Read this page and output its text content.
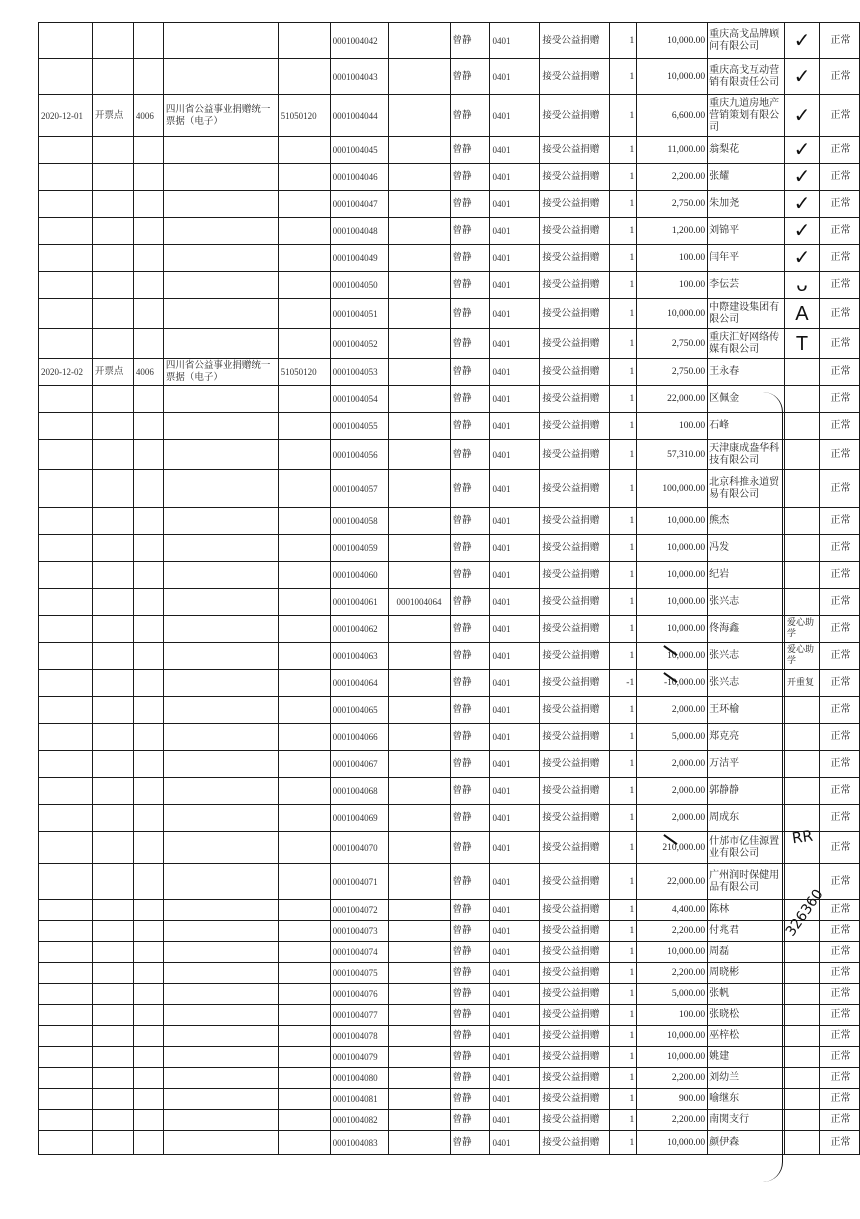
					0001004042		曾静	0401	接受公益捐赠	1	10,000.00	重庆高戈品牌顾问有限公司	✓	正常
					0001004043		曾静	0401	接受公益捐赠	1	10,000.00	重庆高戈互动营销有限责任公司	✓	正常
2020-12-01	开票点	4006	四川省公益事业捐赠统一票据（电子）	51050120	0001004044		曾静	0401	接受公益捐赠	1	6,600.00	重庆九道房地产营销策划有限公司	✓	正常
					0001004045		曾静	0401	接受公益捐赠	1	11,000.00	翁梨花	✓	正常
					0001004046		曾静	0401	接受公益捐赠	1	2,200.00	张耀	✓	正常
					0001004047		曾静	0401	接受公益捐赠	1	2,750.00	朱加尧	✓	正常
					0001004048		曾静	0401	接受公益捐赠	1	1,200.00	刘锦平	✓	正常
					0001004049		曾静	0401	接受公益捐赠	1	100.00	闫年平	✓	正常
					0001004050		曾静	0401	接受公益捐赠	1	100.00	李伝芸	ᴗ	正常
					0001004051		曾静	0401	接受公益捐赠	1	10,000.00	中際建设集团有限公司	A	正常
					0001004052		曾静	0401	接受公益捐赠	1	2,750.00	重庆汇好网络传媒有限公司	T	正常
2020-12-02	开票点	4006	四川省公益事业捐赠统一票据（电子）	51050120	0001004053		曾静	0401	接受公益捐赠	1	2,750.00	王永春		正常
					0001004054		曾静	0401	接受公益捐赠	1	22,000.00	区佩金		正常
					0001004055		曾静	0401	接受公益捐赠	1	100.00	石峰		正常
					0001004056		曾静	0401	接受公益捐赠	1	57,310.00	天津康成盎华科技有限公司		正常
					0001004057		曾静	0401	接受公益捐赠	1	100,000.00	北京科推永道贸易有限公司		正常
					0001004058		曾静	0401	接受公益捐赠	1	10,000.00	熊杰		正常
					0001004059		曾静	0401	接受公益捐赠	1	10,000.00	冯发		正常
					0001004060		曾静	0401	接受公益捐赠	1	10,000.00	纪岩		正常
					0001004061	0001004064	曾静	0401	接受公益捐赠	1	10,000.00	张兴志		正常
					0001004062		曾静	0401	接受公益捐赠	1	10,000.00	佟海鑫	爱心助学	正常
					0001004063		曾静	0401	接受公益捐赠	1	10,000.00	张兴志	爱心助学	正常
					0001004064		曾静	0401	接受公益捐赠	-1	-10,000.00	张兴志	开重复	正常
					0001004065		曾静	0401	接受公益捐赠	1	2,000.00	王环榆		正常
					0001004066		曾静	0401	接受公益捐赠	1	5,000.00	郑克亮		正常
					0001004067		曾静	0401	接受公益捐赠	1	2,000.00	万洁平		正常
					0001004068		曾静	0401	接受公益捐赠	1	2,000.00	郭静静		正常
					0001004069		曾静	0401	接受公益捐赠	1	2,000.00	周成东		正常
					0001004070		曾静	0401	接受公益捐赠	1	210,000.00	什邡市亿佳源置业有限公司		正常
					0001004071		曾静	0401	接受公益捐赠	1	22,000.00	广州润时保健用品有限公司		正常
					0001004072		曾静	0401	接受公益捐赠	1	4,400.00	陈林		正常
					0001004073		曾静	0401	接受公益捐赠	1	2,200.00	付兆君		正常
					0001004074		曾静	0401	接受公益捐赠	1	10,000.00	周磊		正常
					0001004075		曾静	0401	接受公益捐赠	1	2,200.00	周晓彬		正常
					0001004076		曾静	0401	接受公益捐赠	1	5,000.00	张帆		正常
					0001004077		曾静	0401	接受公益捐赠	1	100.00	张晓松		正常
					0001004078		曾静	0401	接受公益捐赠	1	10,000.00	巫梓松		正常
					0001004079		曾静	0401	接受公益捐赠	1	10,000.00	姚建		正常
					0001004080		曾静	0401	接受公益捐赠	1	2,200.00	刘幼兰		正常
					0001004081		曾静	0401	接受公益捐赠	1	900.00	喻继东		正常
					0001004082		曾静	0401	接受公益捐赠	1	2,200.00	南関支行		正常
					0001004083		曾静	0401	接受公益捐赠	1	10,000.00	颜伊森		正常
RR
326360
